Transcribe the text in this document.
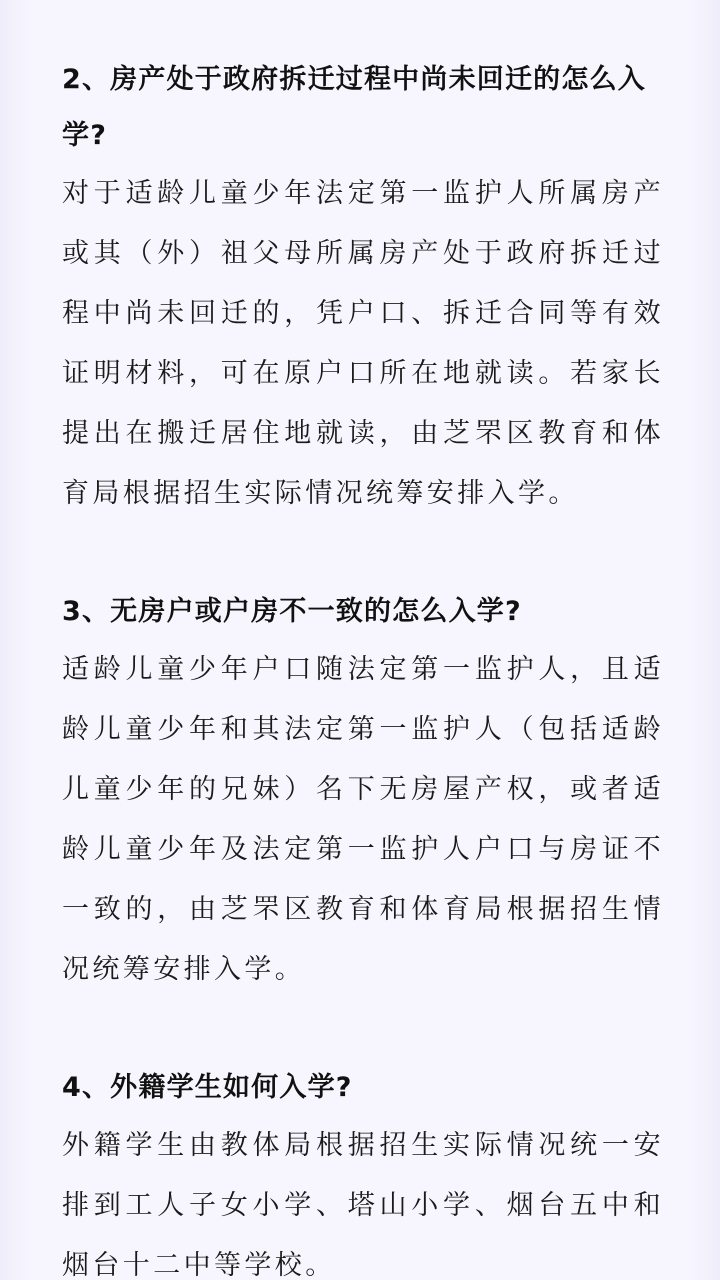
2、房产处于政府拆迁过程中尚未回迁的怎么入学?

对于适龄儿童少年法定第一监护人所属房产或其（外）祖父母所属房产处于政府拆迁过程中尚未回迁的，凭户口、拆迁合同等有效证明材料，可在原户口所在地就读。若家长提出在搬迁居住地就读，由芝罘区教育和体育局根据招生实际情况统筹安排入学。

3、无房户或户房不一致的怎么入学?

适龄儿童少年户口随法定第一监护人，且适龄儿童少年和其法定第一监护人（包括适龄儿童少年的兄妹）名下无房屋产权，或者适龄儿童少年及法定第一监护人户口与房证不一致的，由芝罘区教育和体育局根据招生情况统筹安排入学。

4、外籍学生如何入学?

外籍学生由教体局根据招生实际情况统一安排到工人子女小学、塔山小学、烟台五中和烟台十二中等学校。
